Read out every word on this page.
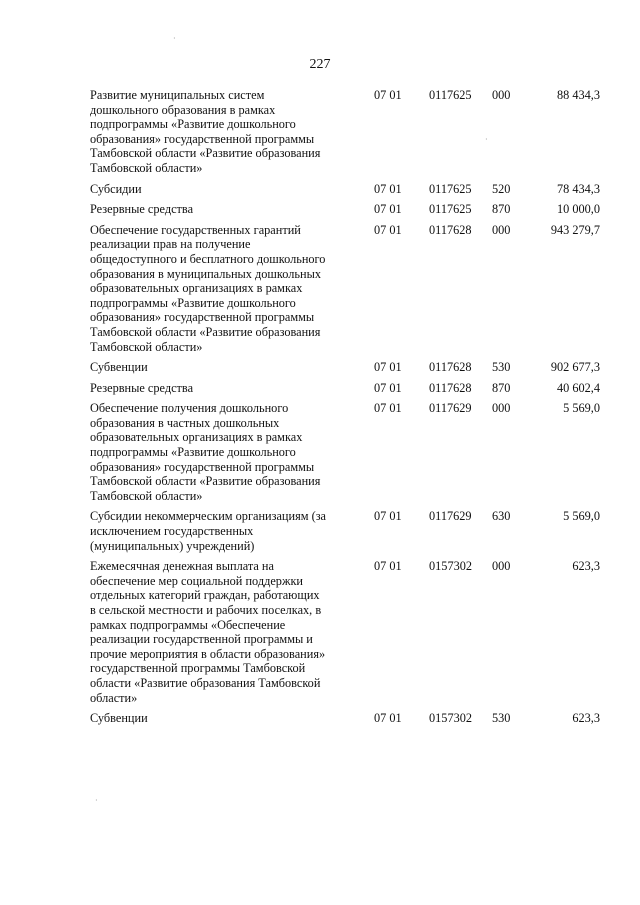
227
·
·
·
Развитие муниципальных систем
дошкольного образования в рамках
подпрограммы «Развитие дошкольного
образования» государственной программы
Тамбовской области «Развитие образования
Тамбовской области»
07 01 0117625 000	88 434,3
Субсидии	07 01 0117625 520	78 434,3
Резервные средства	07 01 0117625 870	10 000,0
Обеспечение государственных гарантий
реализации прав на получение
общедоступного и бесплатного дошкольного
образования в муниципальных дошкольных
образовательных организациях в рамках
подпрограммы «Развитие дошкольного
образования» государственной программы
Тамбовской области «Развитие образования
Тамбовской области»
07 01 0117628 000	943 279,7
Субвенции	07 01 0117628 530	902 677,3
Резервные средства	07 01 0117628 870	40 602,4
Обеспечение получения дошкольного
образования в частных дошкольных
образовательных организациях в рамках
подпрограммы «Развитие дошкольного
образования» государственной программы
Тамбовской области «Развитие образования
Тамбовской области»
07 01 0117629 000	5 569,0
Субсидии некоммерческим организациям (за
исключением государственных
(муниципальных) учреждений)
07 01 0117629 630	5 569,0
Ежемесячная денежная выплата на
обеспечение мер социальной поддержки
отдельных категорий граждан, работающих
в сельской местности и рабочих поселках, в
рамках подпрограммы «Обеспечение
реализации государственной программы и
прочие мероприятия в области образования»
государственной программы Тамбовской
области «Развитие образования Тамбовской
области»
07 01 0157302 000	623,3
Субвенции	07 01 0157302 530	623,3
